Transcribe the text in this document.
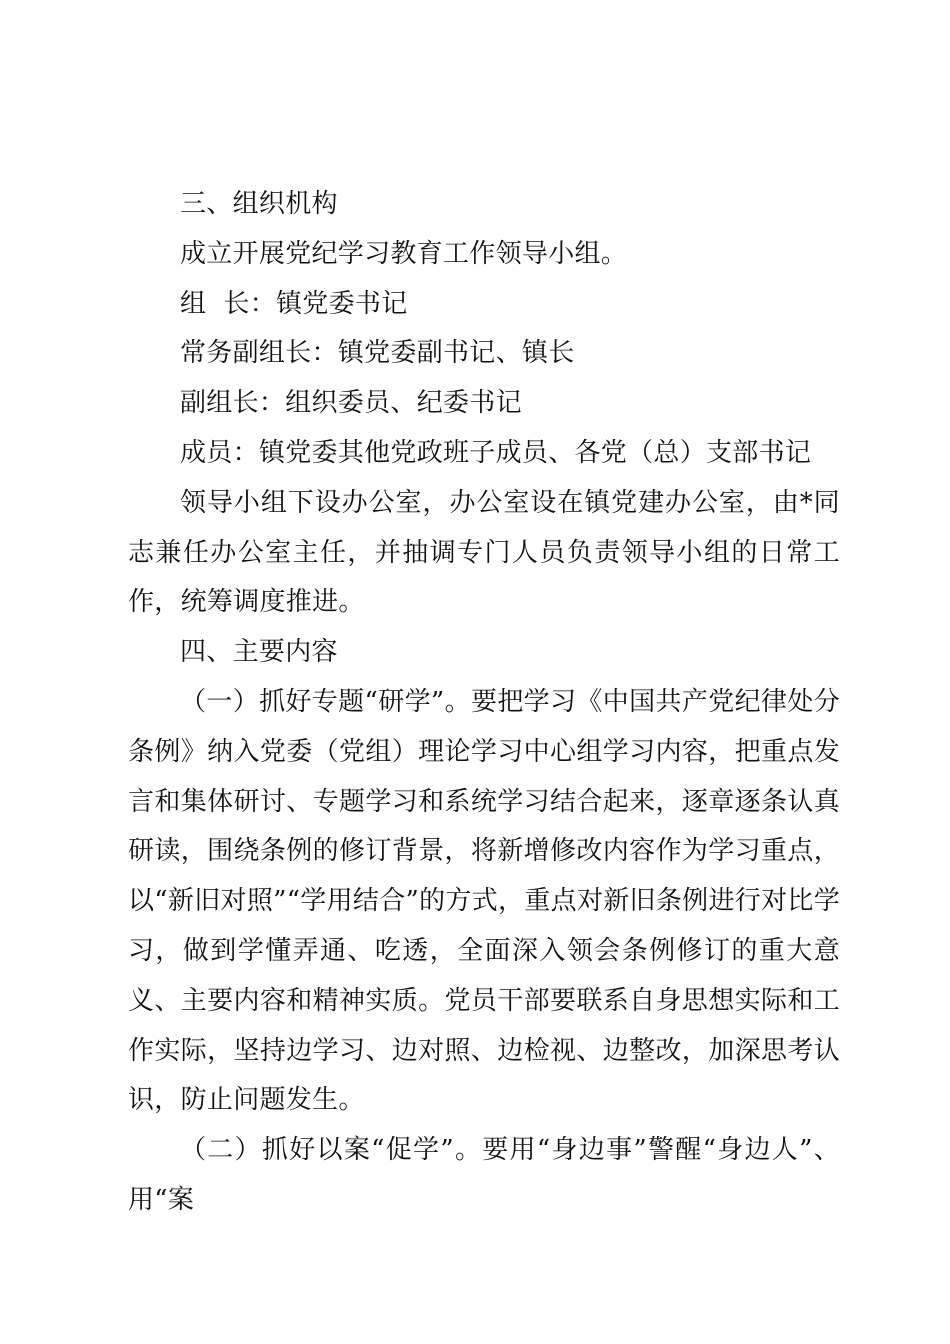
三、组织机构

成立开展党纪学习教育工作领导小组。

组  长：镇党委书记

常务副组长：镇党委副书记、镇长

副组长：组织委员、纪委书记

成员：镇党委其他党政班子成员、各党（总）支部书记

领导小组下设办公室，办公室设在镇党建办公室，由*同志兼任办公室主任，并抽调专门人员负责领导小组的日常工作，统筹调度推进。

四、主要内容

（一）抓好专题“研学”。要把学习《中国共产党纪律处分条例》纳入党委（党组）理论学习中心组学习内容，把重点发言和集体研讨、专题学习和系统学习结合起来，逐章逐条认真研读，围绕条例的修订背景，将新增修改内容作为学习重点，以“新旧对照”“学用结合”的方式，重点对新旧条例进行对比学习，做到学懂弄通、吃透，全面深入领会条例修订的重大意义、主要内容和精神实质。党员干部要联系自身思想实际和工作实际，坚持边学习、边对照、边检视、边整改，加深思考认识，防止问题发生。

（二）抓好以案“促学”。要用“身边事”警醒“身边人”、用“案
